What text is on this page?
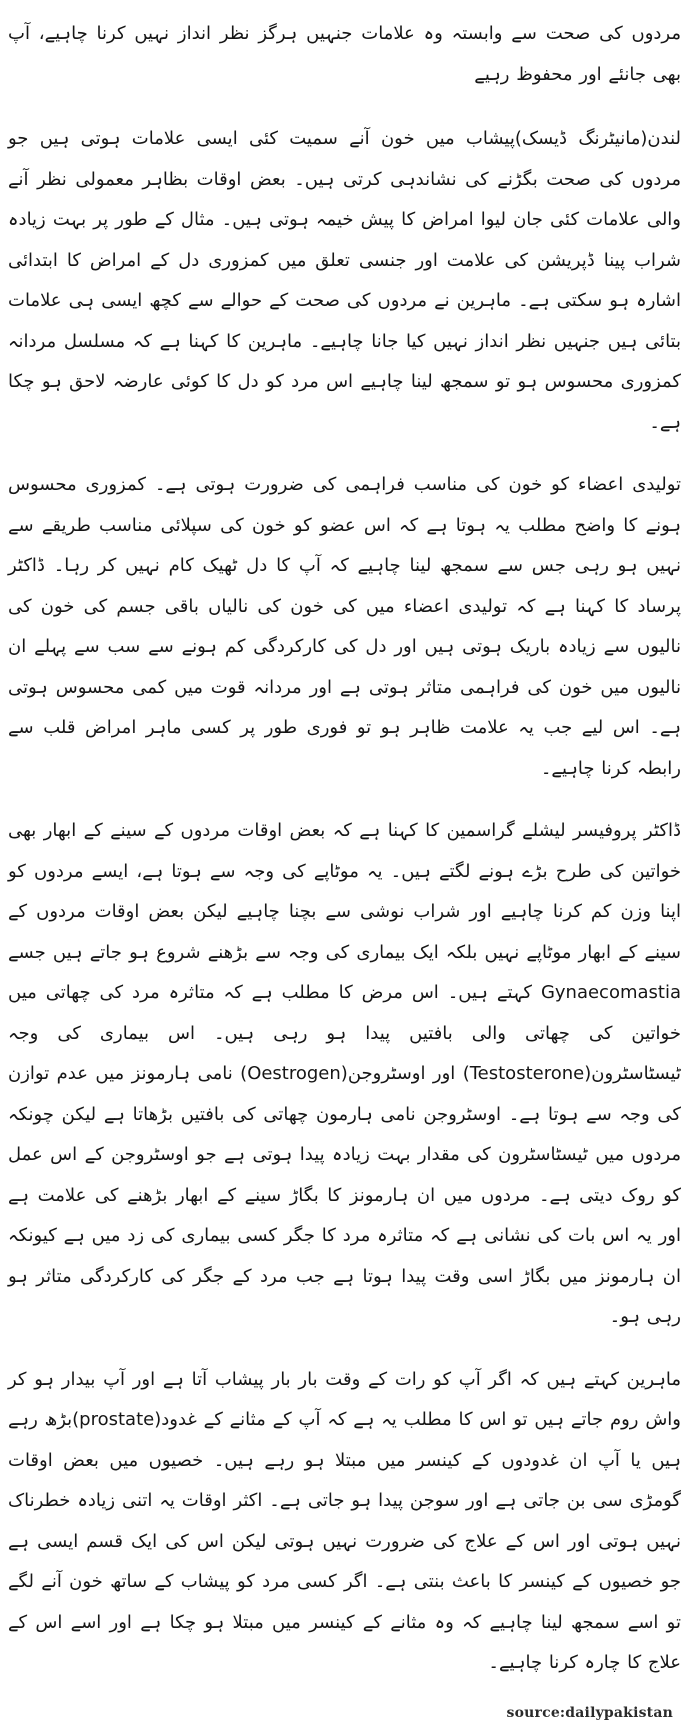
مردوں کی صحت سے وابستہ وہ علامات جنہیں ہرگز نظر انداز نہیں کرنا چاہیے، آپ بھی جانئے اور محفوظ رہیے

لندن(مانیٹرنگ ڈیسک)پیشاب میں خون آنے سمیت کئی ایسی علامات ہوتی ہیں جو مردوں کی صحت بگڑنے کی نشاندہی کرتی ہیں۔ بعض اوقات بظاہر معمولی نظر آنے والی علامات کئی جان لیوا امراض کا پیش خیمہ ہوتی ہیں۔ مثال کے طور پر بہت زیادہ شراب پینا ڈپریشن کی علامت اور جنسی تعلق میں کمزوری دل کے امراض کا ابتدائی اشارہ ہو سکتی ہے۔ ماہرین نے مردوں کی صحت کے حوالے سے کچھ ایسی ہی علامات بتائی ہیں جنہیں نظر انداز نہیں کیا جانا چاہیے۔ ماہرین کا کہنا ہے کہ مسلسل مردانہ کمزوری محسوس ہو تو سمجھ لینا چاہیے اس مرد کو دل کا کوئی عارضہ لاحق ہو چکا ہے۔

تولیدی اعضاء کو خون کی مناسب فراہمی کی ضرورت ہوتی ہے۔ کمزوری محسوس ہونے کا واضح مطلب یہ ہوتا ہے کہ اس عضو کو خون کی سپلائی مناسب طریقے سے نہیں ہو رہی جس سے سمجھ لینا چاہیے کہ آپ کا دل ٹھیک کام نہیں کر رہا۔ ڈاکٹر پرساد کا کہنا ہے کہ تولیدی اعضاء میں کی خون کی نالیاں باقی جسم کی خون کی نالیوں سے زیادہ باریک ہوتی ہیں اور دل کی کارکردگی کم ہونے سے سب سے پہلے ان نالیوں میں خون کی فراہمی متاثر ہوتی ہے اور مردانہ قوت میں کمی محسوس ہوتی ہے۔ اس لیے جب یہ علامت ظاہر ہو تو فوری طور پر کسی ماہر امراض قلب سے رابطہ کرنا چاہیے۔

ڈاکٹر پروفیسر لیشلے گراسمین کا کہنا ہے کہ بعض اوقات مردوں کے سینے کے ابھار بھی خواتین کی طرح بڑے ہونے لگتے ہیں۔ یہ موٹاپے کی وجہ سے ہوتا ہے، ایسے مردوں کو اپنا وزن کم کرنا چاہیے اور شراب نوشی سے بچنا چاہیے لیکن بعض اوقات مردوں کے سینے کے ابھار موٹاپے نہیں بلکہ ایک بیماری کی وجہ سے بڑھنے شروع ہو جاتے ہیں جسے Gynaecomastia کہتے ہیں۔ اس مرض کا مطلب ہے کہ متاثرہ مرد کی چھاتی میں خواتین کی چھاتی والی بافتیں پیدا ہو رہی ہیں۔ اس بیماری کی وجہ ٹیسٹاسٹرون(Testosterone) اور اوسٹروجن(Oestrogen) نامی ہارمونز میں عدم توازن کی وجہ سے ہوتا ہے۔ اوسٹروجن نامی ہارمون چھاتی کی بافتیں بڑھاتا ہے لیکن چونکہ مردوں میں ٹیسٹاسٹرون کی مقدار بہت زیادہ پیدا ہوتی ہے جو اوسٹروجن کے اس عمل کو روک دیتی ہے۔ مردوں میں ان ہارمونز کا بگاڑ سینے کے ابھار بڑھنے کی علامت ہے اور یہ اس بات کی نشانی ہے کہ متاثرہ مرد کا جگر کسی بیماری کی زد میں ہے کیونکہ ان ہارمونز میں بگاڑ اسی وقت پیدا ہوتا ہے جب مرد کے جگر کی کارکردگی متاثر ہو رہی ہو۔

ماہرین کہتے ہیں کہ اگر آپ کو رات کے وقت بار بار پیشاب آتا ہے اور آپ بیدار ہو کر واش روم جاتے ہیں تو اس کا مطلب یہ ہے کہ آپ کے مثانے کے غدود(prostate)بڑھ رہے ہیں یا آپ ان غدودوں کے کینسر میں مبتلا ہو رہے ہیں۔ خصیوں میں بعض اوقات گومڑی سی بن جاتی ہے اور سوجن پیدا ہو جاتی ہے۔ اکثر اوقات یہ اتنی زیادہ خطرناک نہیں ہوتی اور اس کے علاج کی ضرورت نہیں ہوتی لیکن اس کی ایک قسم ایسی ہے جو خصیوں کے کینسر کا باعث بنتی ہے۔ اگر کسی مرد کو پیشاب کے ساتھ خون آنے لگے تو اسے سمجھ لینا چاہیے کہ وہ مثانے کے کینسر میں مبتلا ہو چکا ہے اور اسے اس کے علاج کا چارہ کرنا چاہیے۔

source:dailypakistan
